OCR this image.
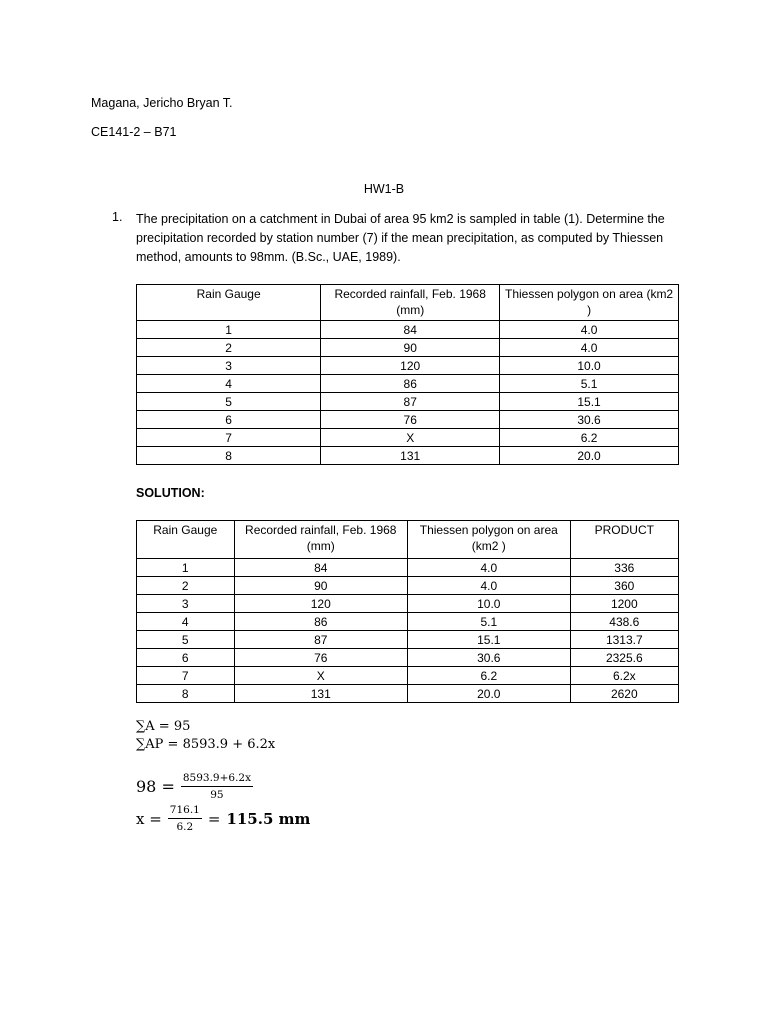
Magana, Jericho Bryan T.
CE141-2 – B71
HW1-B
1. The precipitation on a catchment in Dubai of area 95 km2 is sampled in table (1). Determine the precipitation recorded by station number (7) if the mean precipitation, as computed by Thiessen method, amounts to 98mm. (B.Sc., UAE, 1989).
Rain Gauge	Recorded rainfall, Feb. 1968 (mm)	Thiessen polygon on area (km2 )
1	84	4.0
2	90	4.0
3	120	10.0
4	86	5.1
5	87	15.1
6	76	30.6
7	X	6.2
8	131	20.0
SOLUTION:
Rain Gauge	Recorded rainfall, Feb. 1968 (mm)	Thiessen polygon on area (km2 )	PRODUCT
1	84	4.0	336
2	90	4.0	360
3	120	10.0	1200
4	86	5.1	438.6
5	87	15.1	1313.7
6	76	30.6	2325.6
7	X	6.2	6.2x
8	131	20.0	2620
∑A = 95
∑AP = 8593.9 + 6.2x
$98 = \frac{8593.9+6.2x}{95}$
$x = \frac{716.1}{6.2} = 115.5$ mm
